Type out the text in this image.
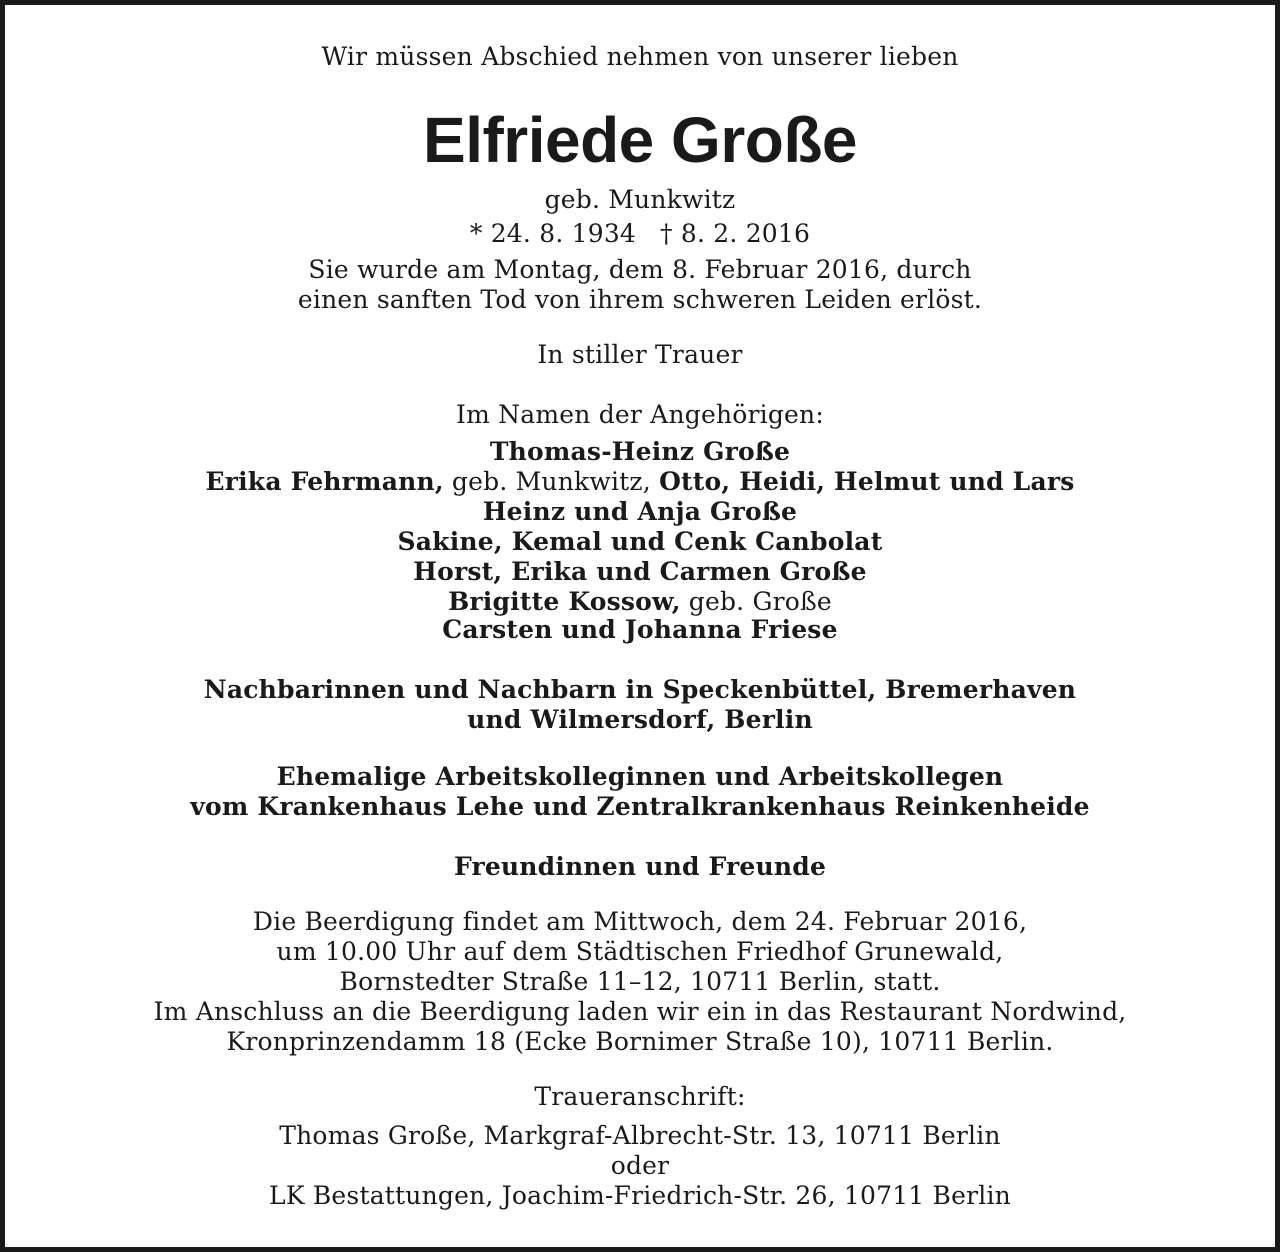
Wir müssen Abschied nehmen von unserer lieben
Elfriede Große
geb. Munkwitz
* 24. 8. 1934 † 8. 2. 2016
Sie wurde am Montag, dem 8. Februar 2016, durch
einen sanften Tod von ihrem schweren Leiden erlöst.
In stiller Trauer
Im Namen der Angehörigen:
Thomas-Heinz Große
Erika Fehrmann, geb. Munkwitz, Otto, Heidi, Helmut und Lars
Heinz und Anja Große
Sakine, Kemal und Cenk Canbolat
Horst, Erika und Carmen Große
Brigitte Kossow, geb. Große
Carsten und Johanna Friese
Nachbarinnen und Nachbarn in Speckenbüttel, Bremerhaven
und Wilmersdorf, Berlin
Ehemalige Arbeitskolleginnen und Arbeitskollegen
vom Krankenhaus Lehe und Zentralkrankenhaus Reinkenheide
Freundinnen und Freunde
Die Beerdigung findet am Mittwoch, dem 24. Februar 2016,
um 10.00 Uhr auf dem Städtischen Friedhof Grunewald,
Bornstedter Straße 11–12, 10711 Berlin, statt.
Im Anschluss an die Beerdigung laden wir ein in das Restaurant Nordwind,
Kronprinzendamm 18 (Ecke Bornimer Straße 10), 10711 Berlin.
Traueranschrift:
Thomas Große, Markgraf-Albrecht-Str. 13, 10711 Berlin
oder
LK Bestattungen, Joachim-Friedrich-Str. 26, 10711 Berlin
